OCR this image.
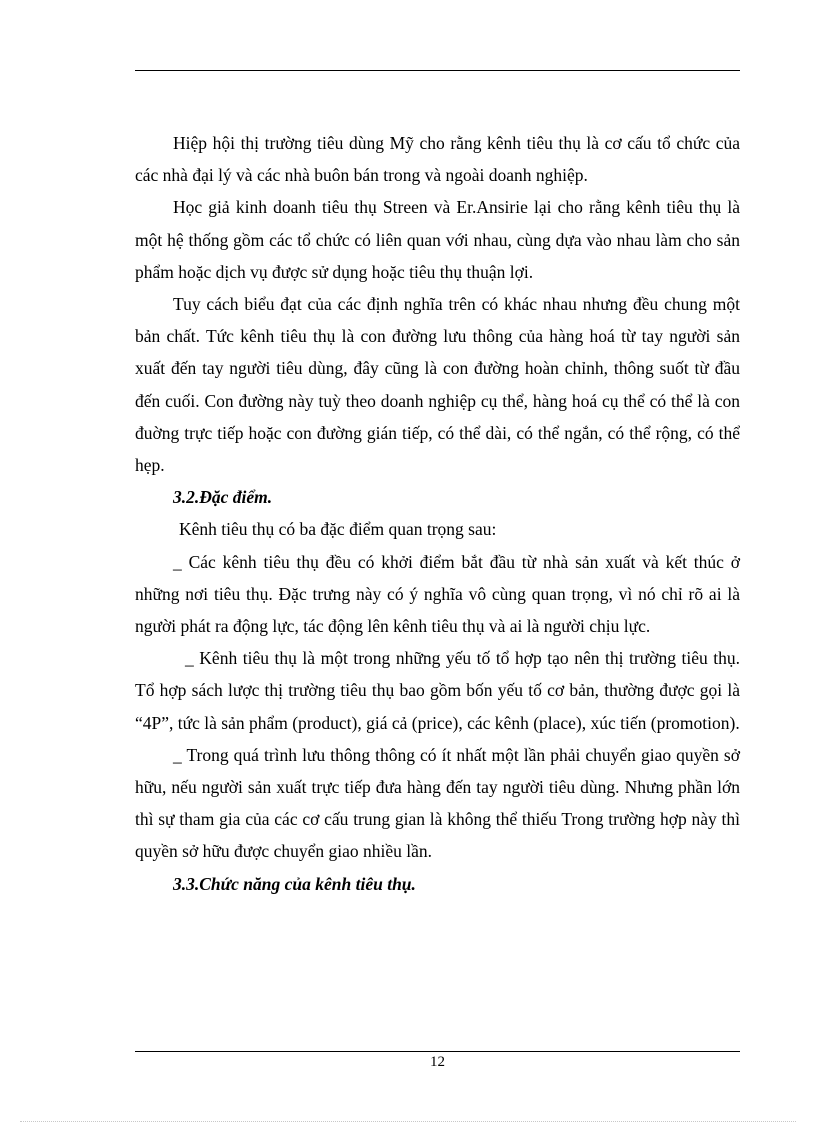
Hiệp hội thị trường tiêu dùng Mỹ cho rằng kênh tiêu thụ là cơ cấu tổ chức của các nhà đại lý và các nhà buôn bán trong và ngoài doanh nghiệp.

Học giả kinh doanh tiêu thụ Streen và Er.Ansirie lại cho rằng kênh tiêu thụ là một hệ thống gồm các tổ chức có liên quan với nhau, cùng dựa vào nhau làm cho sản phẩm hoặc dịch vụ được sử dụng hoặc tiêu thụ thuận lợi.

Tuy cách biểu đạt của các định nghĩa trên có khác nhau nhưng đều chung một bản chất. Tức kênh tiêu thụ là con đường lưu thông của hàng hoá từ tay người sản xuất đến tay người tiêu dùng, đây cũng là con đường hoàn chỉnh, thông suốt từ đầu đến cuối. Con đường này tuỳ theo doanh nghiệp cụ thể, hàng hoá cụ thể có thể là con đuờng trực tiếp hoặc con đường gián tiếp, có thể dài, có thể ngắn, có thể rộng, có thể hẹp.

3.2.Đặc điểm.

Kênh tiêu thụ có ba đặc điểm quan trọng sau:

_ Các kênh tiêu thụ đều có khởi điểm bắt đầu từ nhà sản xuất và kết thúc ở những nơi tiêu thụ. Đặc trưng này có ý nghĩa vô cùng quan trọng, vì nó chỉ rõ ai là người phát ra động lực, tác động lên kênh tiêu thụ và ai là người chịu lực.

_ Kênh tiêu thụ là một trong những yếu tố tổ hợp tạo nên thị trường tiêu thụ. Tổ hợp sách lược thị trường tiêu thụ bao gồm bốn yếu tố cơ bản, thường được gọi là “4P”, tức là sản phẩm (product), giá cả (price), các kênh (place), xúc tiến (promotion).

_ Trong quá trình lưu thông thông có ít nhất một lần phải chuyển giao quyền sở hữu, nếu người sản xuất trực tiếp đưa hàng đến tay người tiêu dùng. Nhưng phần lớn thì sự tham gia của các cơ cấu trung gian là không thể thiếu Trong trường hợp này thì quyền sở hữu được chuyển giao nhiều lần.

3.3.Chức năng của kênh tiêu thụ.

12
